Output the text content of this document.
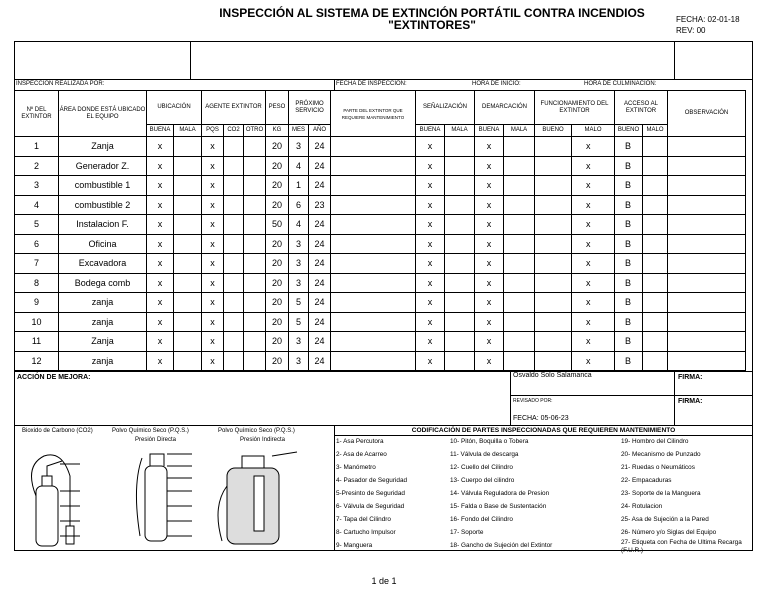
INSPECCIÓN AL SISTEMA DE EXTINCIÓN PORTÁTIL CONTRA INCENDIOS
"EXTINTORES"	FECHA: 02-01-18
REV: 00
INSPECCIÓN REALIZADA POR:	FECHA DE INSPECCIÓN:	HORA DE INICIO:	HORA DE CULMINACIÓN:
Nº DEL EXTINTOR	ÁREA DONDE ESTÁ UBICADO EL EQUIPO	UBICACIÓN		AGENTE EXTINTOR			PESO	PRÓXIMO SERVICIO		PARTE DEL EXTINTOR QUE REQUIERE MANTENIMIENTO	SEÑALIZACIÓN		DEMARCACIÓN		FUNCIONAMIENTO DEL EXTINTOR		ACCESO AL EXTINTOR		OBSERVACIÓN
		BUENA	MALA	PQS	CO2	OTRO	KG	MES	AÑO		BUENA	MALA	BUENA	MALA	BUENO	MALO	BUENO	MALO	
1	Zanja	x		x			20	3	24		x		x			x	B		
2	Generador Z.	x		x			20	4	24		x		x			x	B		
3	combustible 1	x		x			20	1	24		x		x			x	B		
4	combustible 2	x		x			20	6	23		x		x			x	B		
5	Instalacion F.	x		x			50	4	24		x		x			x	B		
6	Oficina	x		x			20	3	24		x		x			x	B		
7	Excavadora	x		x			20	3	24		x		x			x	B		
8	Bodega comb	x		x			20	3	24		x		x			x	B		
9	zanja	x		x			20	5	24		x		x			x	B		
10	zanja	x		x			20	5	24		x		x			x	B		
11	Zanja	x		x			20	3	24		x		x			x	B		
12	zanja	x		x			20	3	24		x		x			x	B		
ACCIÓN DE MEJORA:	Osvaldo Solo Salamanca	FIRMA:
REVISADO POR:	FIRMA:
FECHA: 05-06-23
Bioxido de Carbono (CO2)	Polvo Químico Seco (P.Q.S.)
Presión Directa
Polvo Químico Seco (P.Q.S.)
Presión Indirecta
CODIFICACIÓN DE PARTES INSPECCIONADAS QUE REQUIEREN MANTENIMIENTO
1- Asa Percutora
2- Asa de Acarreo
3- Manómetro
4- Pasador de Seguridad
5-Presinto de Seguridad
6- Válvula de Seguridad
7- Tapa del Cilindro
8- Cartucho Impulsor
9- Manguera
10- Pitón, Boquilla o Tobera
11- Válvula de descarga
12- Cuello del Cilindro
13- Cuerpo del cilindro
14- Válvula Reguladora de Presion
15- Falda o Base de Sustentación
16- Fondo del Cilindro
17- Soporte
18- Gancho de Sujeción del Extintor
19- Hombro del Cilindro
20- Mecanismo de Punzado
21- Ruedas o Neumáticos
22- Empacaduras
23- Soporte de la Manguera
24- Rotulacion
25- Asa de Sujeción a la Pared
26- Número y/o Siglas del Equipo
27- Etiqueta con Fecha de Ultima Recarga (F.U.R.)
1 de 1
